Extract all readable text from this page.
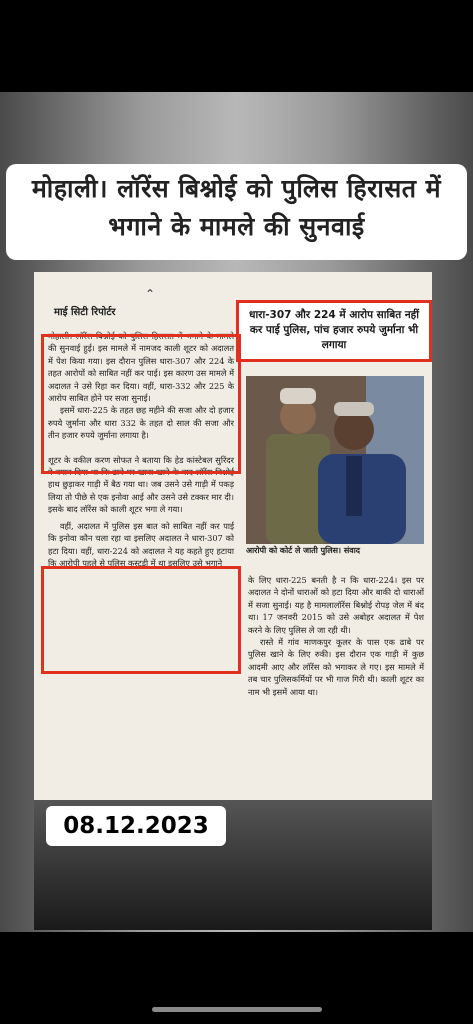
मोहाली। लॉरेंस बिश्नोई को पुलिस हिरासत में भगाने के मामले की सुनवाई
⌃
माई सिटी रिपोर्टर

मोहाली। लॉरेंस बिश्नोई को पुलिस हिरासत में भगाने के मामले की सुनवाई हुई। इस मामले में नामजद काली शूटर को अदालत में पेश किया गया। इस दौरान पुलिस धारा-307 और 224 के तहत आरोपों को साबित नहीं कर पाई। इस कारण उस मामले में अदालत ने उसे रिहा कर दिया। वहीं, धारा-332 और 225 के आरोप साबित होने पर सजा सुनाई।

इसमें धारा-225 के तहत छह महीने की सजा और दो हजार रुपये जुर्माना और धारा 332 के तहत दो साल की सजा और तीन हजार रुपये जुर्माना लगाया है।

शूटर के वकील करण सोफत ने बताया कि हेड कांस्टेबल सुरिंदर ने बयान दिया था कि ढाबे पर खाना खाने के बाद लॉरेंस बिश्नोई हाथ छुड़ाकर गाड़ी में बैठ गया था। जब उसने उसे गाड़ी में पकड़ लिया तो पीछे से एक इनोवा आई और उसने उसे टक्कर मार दी। इसके बाद लॉरेंस को काली शूटर भगा ले गया।

वहीं, अदालत में पुलिस इस बात को साबित नहीं कर पाई कि इनोवा कौन चला रहा था इसलिए अदालत ने धारा-307 को हटा दिया। वहीं, धारा-224 को अदालत ने यह कहते हुए हटाया कि आरोपी पहले से पुलिस कस्टडी में था इसलिए उसे भगाने

के लिए धारा-225 बनती है न कि धारा-224। इस पर अदालत ने दोनों धाराओं को हटा दिया और बाकी दो धाराओं में सजा सुनाई। यह है मामलालॉरेंस बिश्नोई रोपड़ जेल में बंद था। 17 जनवरी 2015 को उसे अबोहर अदालत में पेश करने के लिए पुलिस ले जा रही थी।

रास्ते में गांव माणकपुर कूलर के पास एक ढाबे पर पुलिस खाने के लिए रुकी। इस दौरान एक गाड़ी में कुछ आदमी आए और लॉरेंस को भगाकर ले गए। इस मामले में तब चार पुलिसकर्मियों पर भी गाज गिरी थी। काली शूटर का नाम भी इसमें आया था।

धारा-307 और 224 में आरोप साबित नहीं कर पाई पुलिस, पांच हजार रुपये जुर्माना भी लगाया
आरोपी को कोर्ट ले जाती पुलिस। संवाद
08.12.2023
